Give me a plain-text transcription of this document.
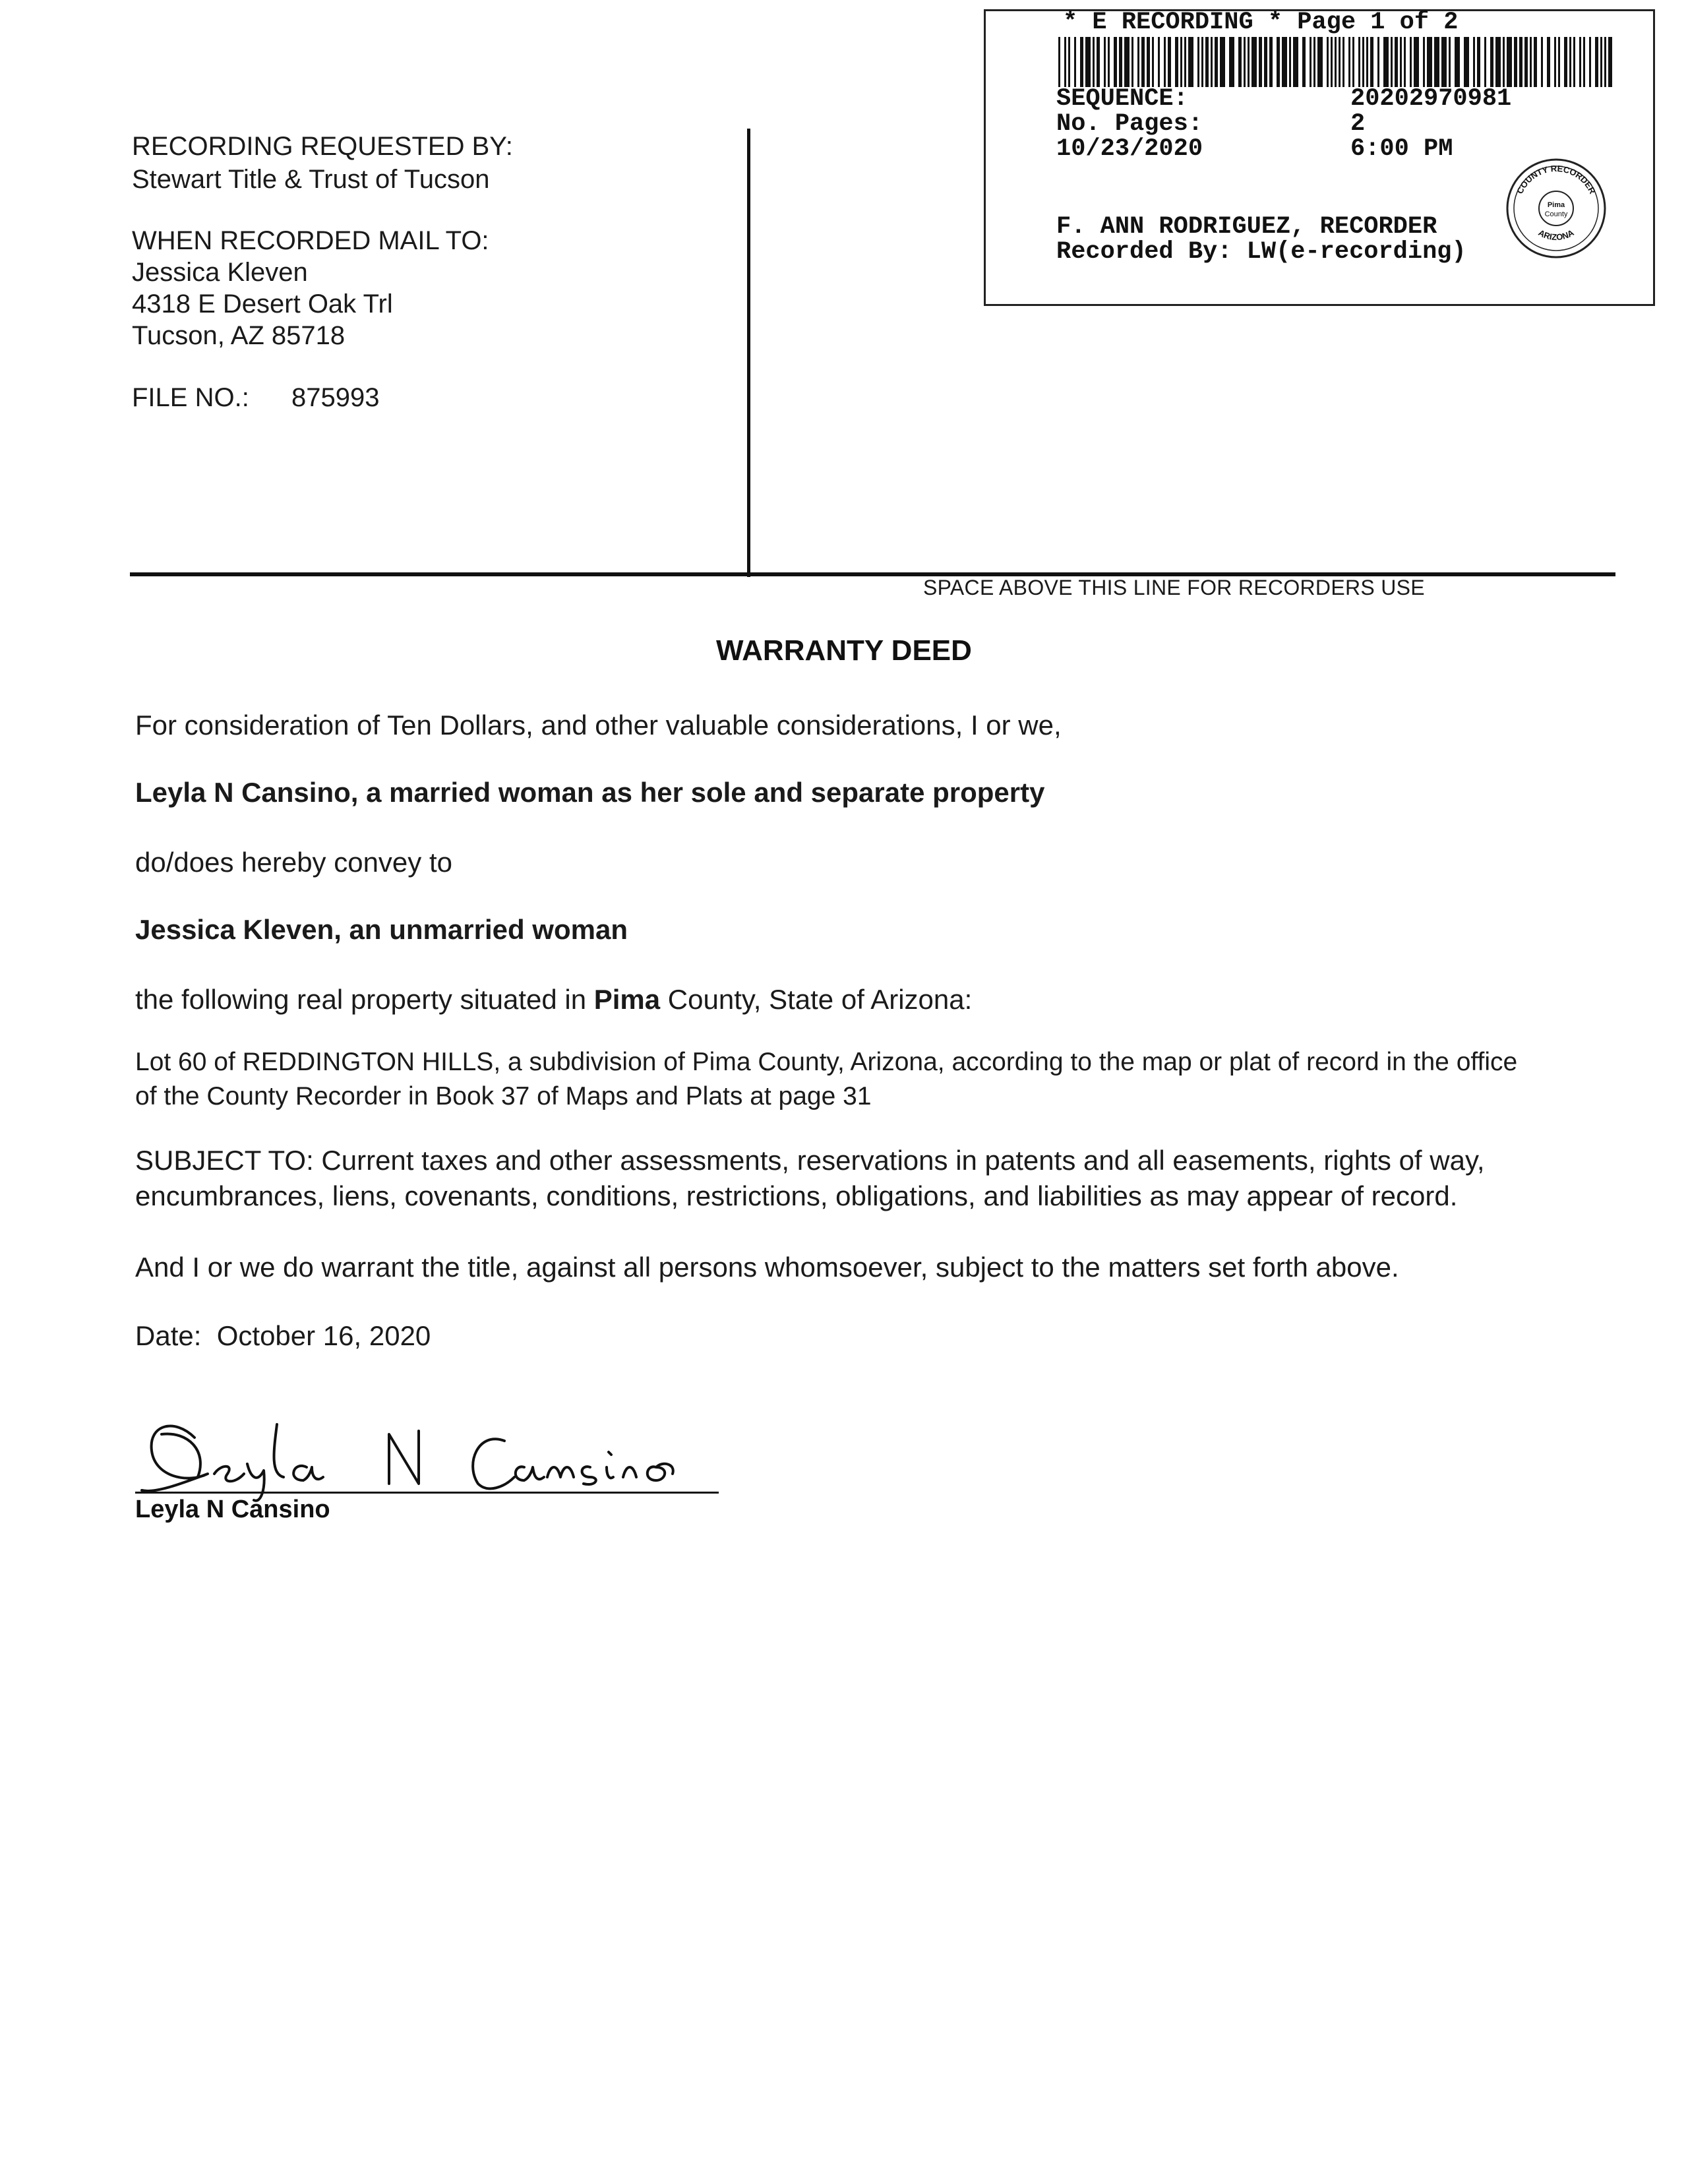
RECORDING REQUESTED BY:
Stewart Title & Trust of Tucson
WHEN RECORDED MAIL TO:
Jessica Kleven
4318 E Desert Oak Trl
Tucson, AZ 85718
FILE NO.: 875993
SPACE ABOVE THIS LINE FOR RECORDERS USE
* E RECORDING * Page 1 of 2
SEQUENCE:	20202970981
No. Pages:	2
10/23/2020	6:00 PM
F. ANN RODRIGUEZ, RECORDER
Recorded By: LW(e-recording)
COUNTY RECORDER
ARIZONA
Pima
County
WARRANTY DEED
For consideration of Ten Dollars, and other valuable considerations, I or we,
Leyla N Cansino, a married woman as her sole and separate property
do/does hereby convey to
Jessica Kleven, an unmarried woman
the following real property situated in Pima County, State of Arizona:
Lot 60 of REDDINGTON HILLS, a subdivision of Pima County, Arizona, according to the map or plat of record in the office
of the County Recorder in Book 37 of Maps and Plats at page 31
SUBJECT TO: Current taxes and other assessments, reservations in patents and all easements, rights of way,
encumbrances, liens, covenants, conditions, restrictions, obligations, and liabilities as may appear of record.
And I or we do warrant the title, against all persons whomsoever, subject to the matters set forth above.
Date: October 16, 2020
Leyla N Cansino
